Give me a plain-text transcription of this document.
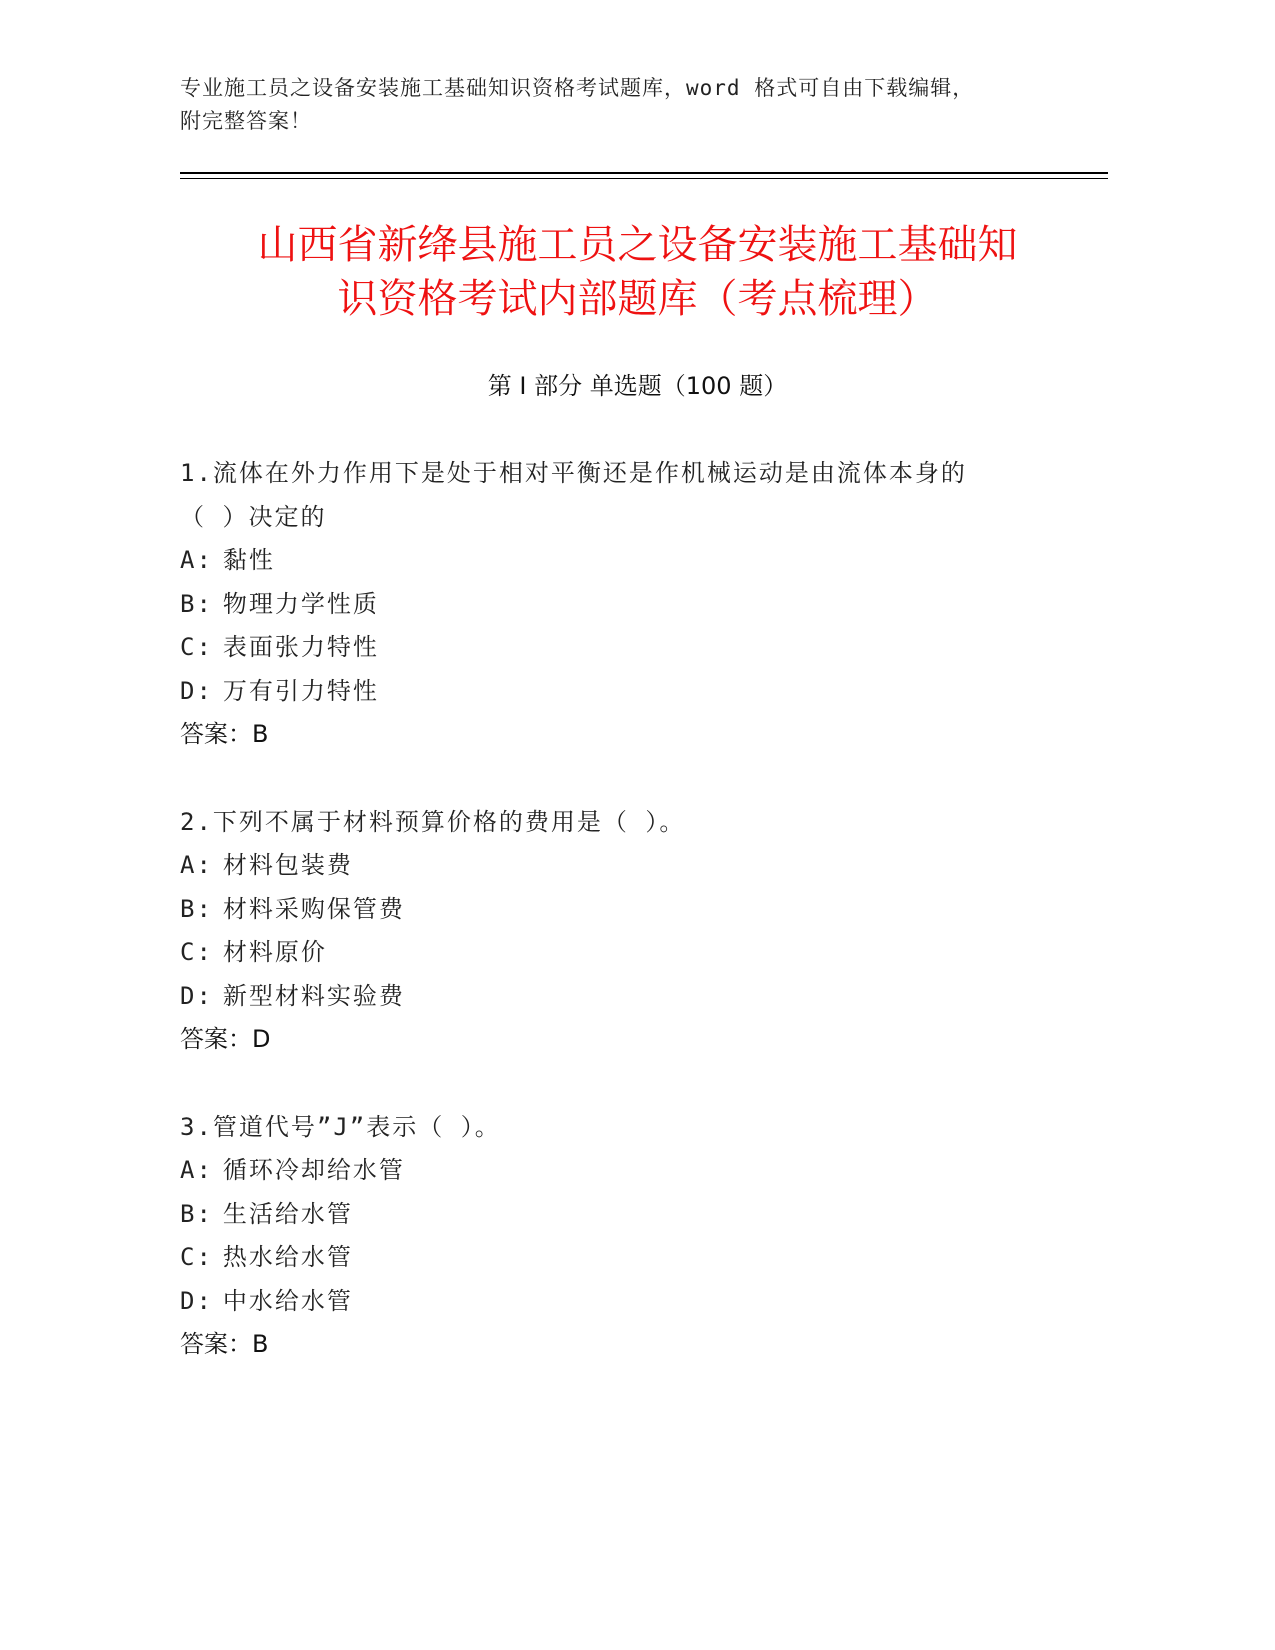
专业施工员之设备安装施工基础知识资格考试题库，word 格式可自由下载编辑，
附完整答案！
山西省新绛县施工员之设备安装施工基础知
识资格考试内部题库（考点梳理）
第 I 部分 单选题（100 题）
1.流体在外力作用下是处于相对平衡还是作机械运动是由流体本身的
（ ）决定的
A: 黏性
B: 物理力学性质
C: 表面张力特性
D: 万有引力特性
答案：B
2.下列不属于材料预算价格的费用是（ ）。
A: 材料包装费
B: 材料采购保管费
C: 材料原价
D: 新型材料实验费
答案：D
3.管道代号”J”表示（ ）。
A: 循环冷却给水管
B: 生活给水管
C: 热水给水管
D: 中水给水管
答案：B
